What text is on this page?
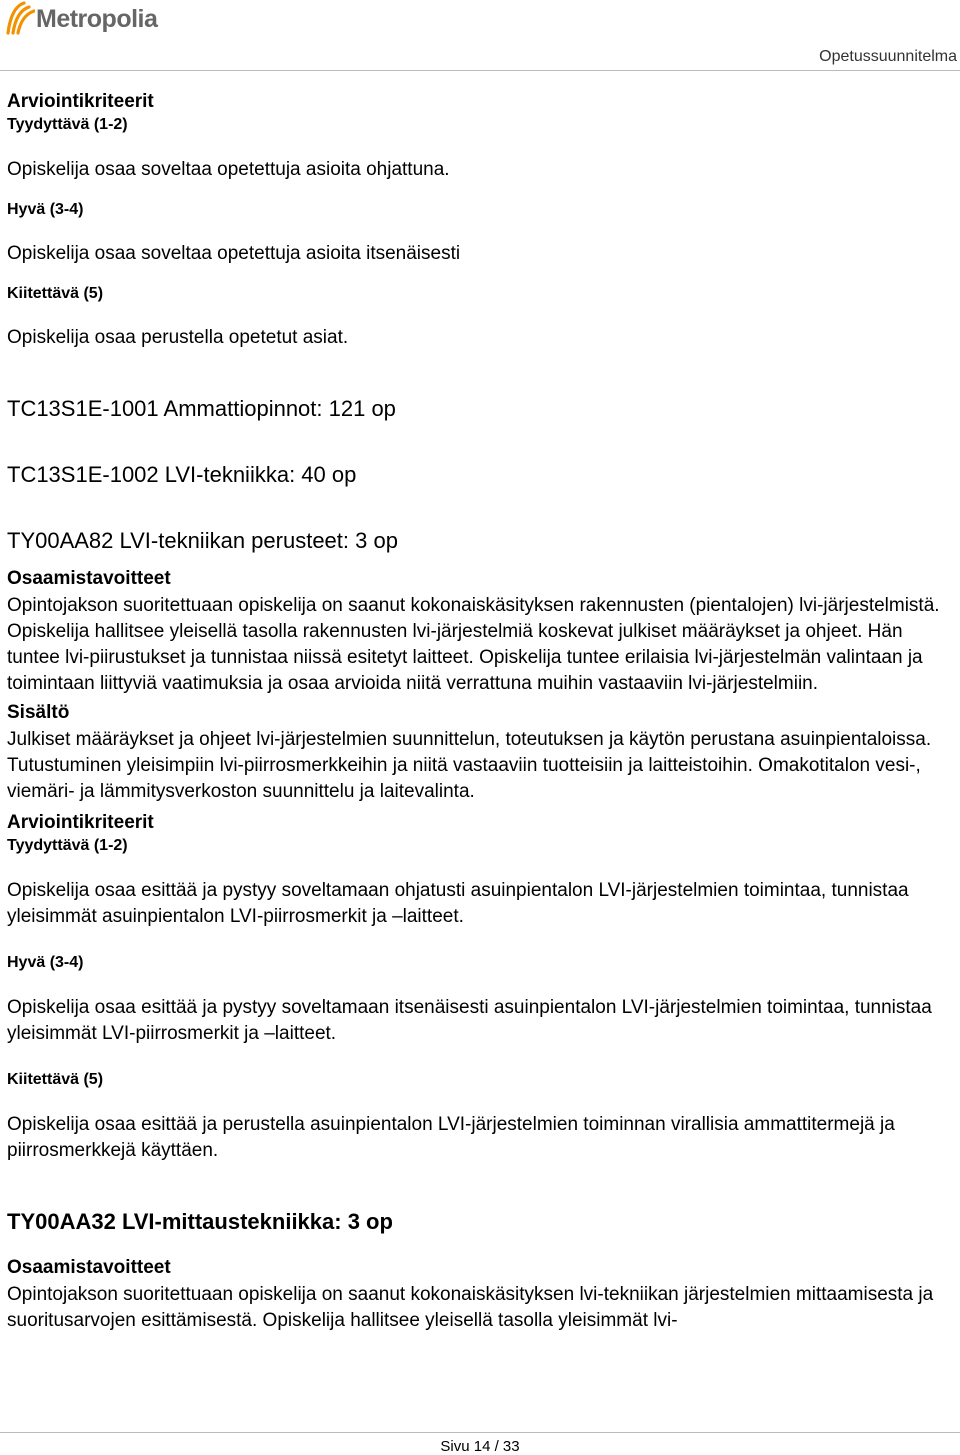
Metropolia
Opetussuunnitelma

Arviointikriteerit

Tyydyttävä (1-2)

Opiskelija osaa soveltaa opetettuja asioita ohjattuna.

Hyvä (3-4)

Opiskelija osaa soveltaa opetettuja asioita itsenäisesti

Kiitettävä (5)

Opiskelija osaa perustella opetetut asiat.

TC13S1E-1001 Ammattiopinnot: 121 op
TC13S1E-1002 LVI-tekniikka: 40 op
TY00AA82 LVI-tekniikan perusteet: 3 op

Osaamistavoitteet

Opintojakson suoritettuaan opiskelija on saanut kokonaiskäsityksen rakennusten (pientalojen) lvi-järjestelmistä. Opiskelija hallitsee yleisellä tasolla rakennusten lvi-järjestelmiä koskevat julkiset määräykset ja ohjeet. Hän tuntee lvi-piirustukset ja tunnistaa niissä esitetyt laitteet. Opiskelija tuntee erilaisia lvi-järjestelmän valintaan ja toimintaan liittyviä vaatimuksia ja osaa arvioida niitä verrattuna muihin vastaaviin lvi-järjestelmiin.

Sisältö

Julkiset määräykset ja ohjeet lvi-järjestelmien suunnittelun, toteutuksen ja käytön perustana asuinpientaloissa. Tutustuminen yleisimpiin lvi-piirrosmerkkeihin ja niitä vastaaviin tuotteisiin ja laitteistoihin. Omakotitalon vesi-, viemäri- ja lämmitysverkoston suunnittelu ja laitevalinta.

Arviointikriteerit

Tyydyttävä (1-2)

Opiskelija osaa esittää ja pystyy soveltamaan ohjatusti asuinpientalon LVI-järjestelmien toimintaa, tunnistaa yleisimmät asuinpientalon LVI-piirrosmerkit ja –laitteet.

Hyvä (3-4)

Opiskelija osaa esittää ja pystyy soveltamaan itsenäisesti asuinpientalon LVI-järjestelmien toimintaa, tunnistaa yleisimmät LVI-piirrosmerkit ja –laitteet.

Kiitettävä (5)

Opiskelija osaa esittää ja perustella asuinpientalon LVI-järjestelmien toiminnan virallisia ammattitermejä ja piirrosmerkkejä käyttäen.

TY00AA32 LVI-mittaustekniikka: 3 op

Osaamistavoitteet

Opintojakson suoritettuaan opiskelija on saanut kokonaiskäsityksen lvi-tekniikan järjestelmien mittaamisesta ja suoritusarvojen esittämisestä. Opiskelija hallitsee yleisellä tasolla yleisimmät lvi-

Sivu 14 / 33
